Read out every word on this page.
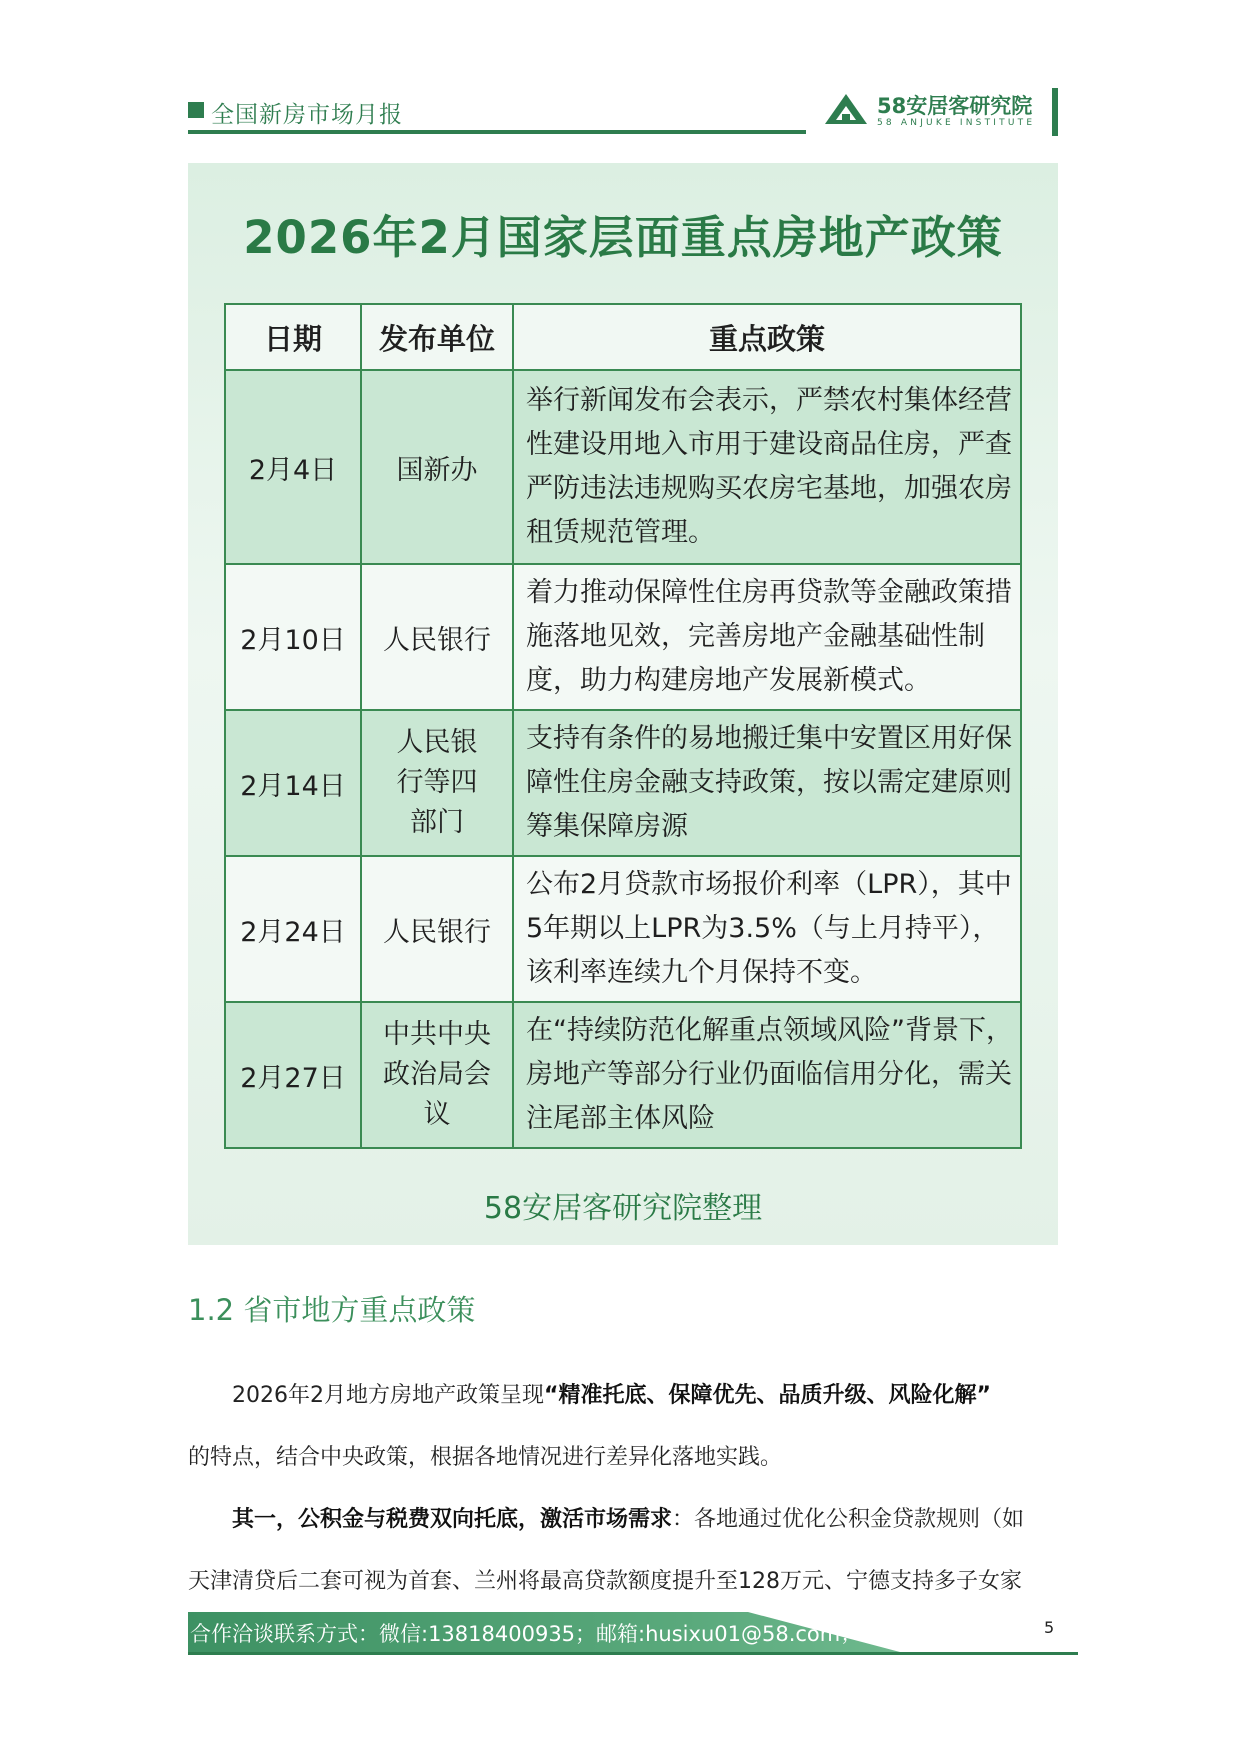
全国新房市场月报	58安居客研究院
58 ANJUKE INSTITUTE
2026年2月国家层面重点房地产政策
日期	发布单位	重点政策
2月4日	国新办	举行新闻发布会表示，严禁农村集体经营性建设用地入市用于建设商品住房，严查严防违法违规购买农房宅基地，加强农房租赁规范管理。
2月10日	人民银行	着力推动保障性住房再贷款等金融政策措施落地见效，完善房地产金融基础性制度，助力构建房地产发展新模式。
2月14日	人民银行等四部门	支持有条件的易地搬迁集中安置区用好保障性住房金融支持政策，按以需定建原则筹集保障房源
2月24日	人民银行	公布2月贷款市场报价利率（LPR），其中5年期以上LPR为3.5%（与上月持平），该利率连续九个月保持不变。
2月27日	中共中央政治局会议	在“持续防范化解重点领域风险”背景下，房地产等部分行业仍面临信用分化，需关注尾部主体风险
58安居客研究院整理
1.2 省市地方重点政策
2026年2月地方房地产政策呈现“精准托底、保障优先、品质升级、风险化解”
的特点，结合中央政策，根据各地情况进行差异化落地实践。
其一，公积金与税费双向托底，激活市场需求：各地通过优化公积金贷款规则（如
天津清贷后二套可视为首套、兰州将最高贷款额度提升至128万元、宁德支持多子女家
合作洽谈联系方式：微信:13818400935；邮箱:husixu01@58.com；	5
